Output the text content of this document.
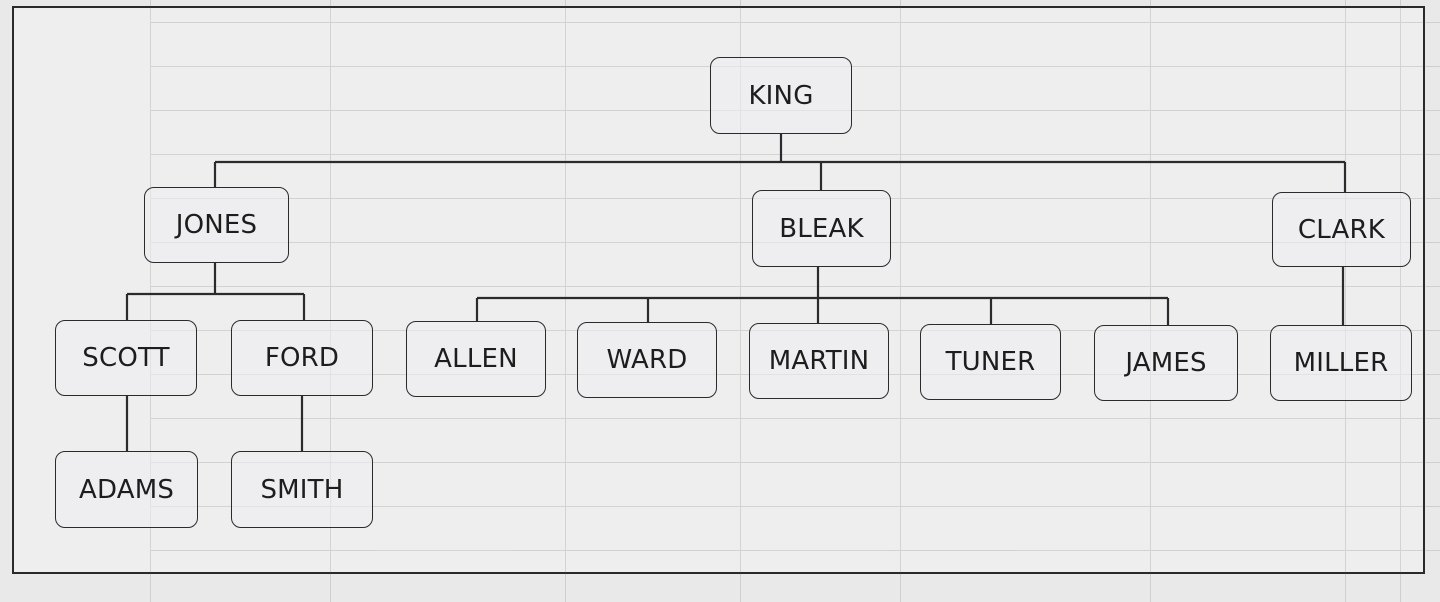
KING
JONES	BLEAK	CLARK
SCOTT	FORD	ALLEN	WARD	MARTIN	TUNER	JAMES	MILLER
ADAMS	SMITH
